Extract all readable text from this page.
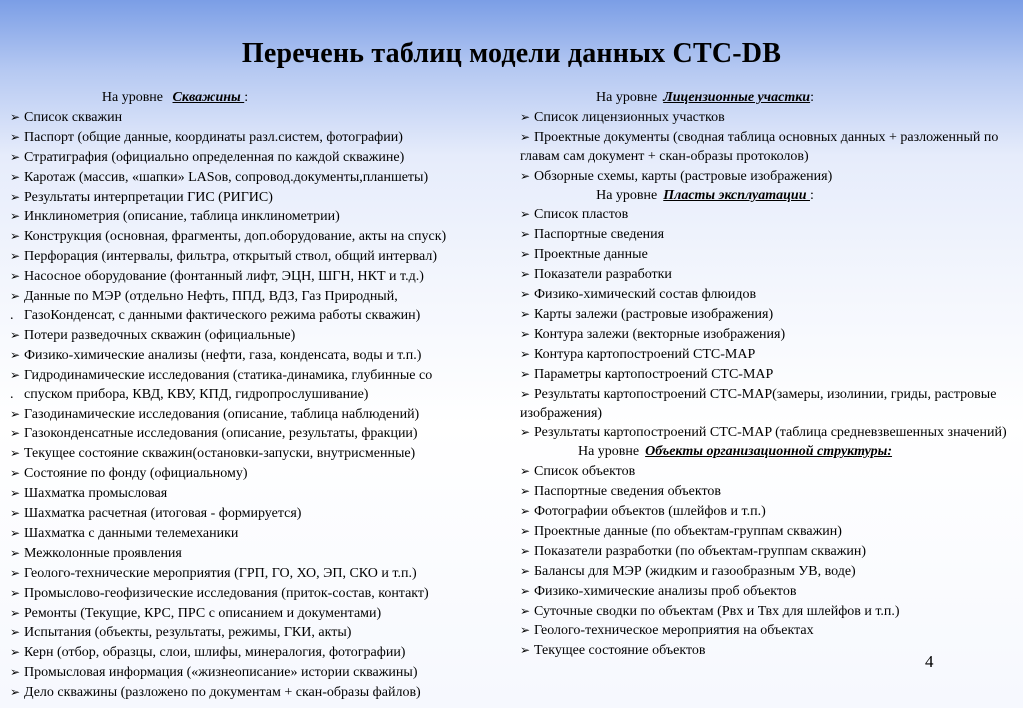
Перечень таблиц модели данных СТС-DB
На уровне Скважины :
➢ Список скважин
➢ Паспорт (общие данные, координаты разл.систем, фотографии)
➢ Стратиграфия (официально определенная по каждой скважине)
➢ Каротаж (массив, «шапки» LASов, сопровод.документы,планшеты)
➢ Результаты интерпретации ГИС (РИГИС)
➢ Инклинометрия (описание, таблица инклинометрии)
➢ Конструкция (основная, фрагменты, доп.оборудование, акты на спуск)
➢ Перфорация (интервалы, фильтра, открытый ствол, общий интервал)
➢ Насосное оборудование (фонтанный лифт, ЭЦН, ШГН, НКТ и т.д.)
➢ Данные по МЭР (отдельно Нефть, ППД, ВДЗ, Газ Природный,
. ГазоКонденсат, с данными фактического режима работы скважин)
➢ Потери разведочных скважин (официальные)
➢ Физико-химические анализы (нефти, газа, конденсата, воды и т.п.)
➢ Гидродинамические исследования (статика-динамика, глубинные со
. спуском прибора, КВД, КВУ, КПД, гидропрослушивание)
➢ Газодинамические исследования (описание, таблица наблюдений)
➢ Газоконденсатные исследования (описание, результаты, фракции)
➢ Текущее состояние скважин(остановки-запуски, внутрисменные)
➢ Состояние по фонду (официальному)
➢ Шахматка промысловая
➢ Шахматка расчетная (итоговая - формируется)
➢ Шахматка с данными телемеханики
➢ Межколонные проявления
➢ Геолого-технические мероприятия (ГРП, ГО, ХО, ЭП, СКО и т.п.)
➢ Промыслово-геофизические исследования (приток-состав, контакт)
➢ Ремонты (Текущие, КРС, ПРС с описанием и документами)
➢ Испытания (объекты, результаты, режимы, ГКИ, акты)
➢ Керн (отбор, образцы, слои, шлифы, минералогия, фотографии)
➢ Промысловая информация («жизнеописание» истории скважины)
➢ Дело скважины (разложено по документам + скан-образы файлов)
На уровне Лицензионные участки:
➢ Список лицензионных участков
➢ Проектные документы (сводная таблица основных данных + разложенный по главам сам документ + скан-образы протоколов)
➢ Обзорные схемы, карты (растровые изображения)
На уровне Пласты эксплуатации :
➢ Список пластов
➢ Паспортные сведения
➢ Проектные данные
➢ Показатели разработки
➢ Физико-химический состав флюидов
➢ Карты залежи (растровые изображения)
➢ Контура залежи (векторные изображения)
➢ Контура картопостроений СТС-MAP
➢ Параметры картопостроений СТС-MAP
➢ Результаты картопостроений СТС-MAP(замеры, изолинии, гриды, растровые изображения)
➢ Результаты картопостроений СТС-MAP (таблица средневзвешенных значений)
На уровне Объекты организационной структуры:
➢ Список объектов
➢ Паспортные сведения объектов
➢ Фотографии объектов (шлейфов и т.п.)
➢ Проектные данные (по объектам-группам скважин)
➢ Показатели разработки (по объектам-группам скважин)
➢ Балансы для МЭР (жидким и газообразным УВ, воде)
➢ Физико-химические анализы проб объектов
➢ Суточные сводки по объектам (Рвх и Твх для шлейфов и т.п.)
➢ Геолого-техническое мероприятия на объектах
➢ Текущее состояние объектов
4
